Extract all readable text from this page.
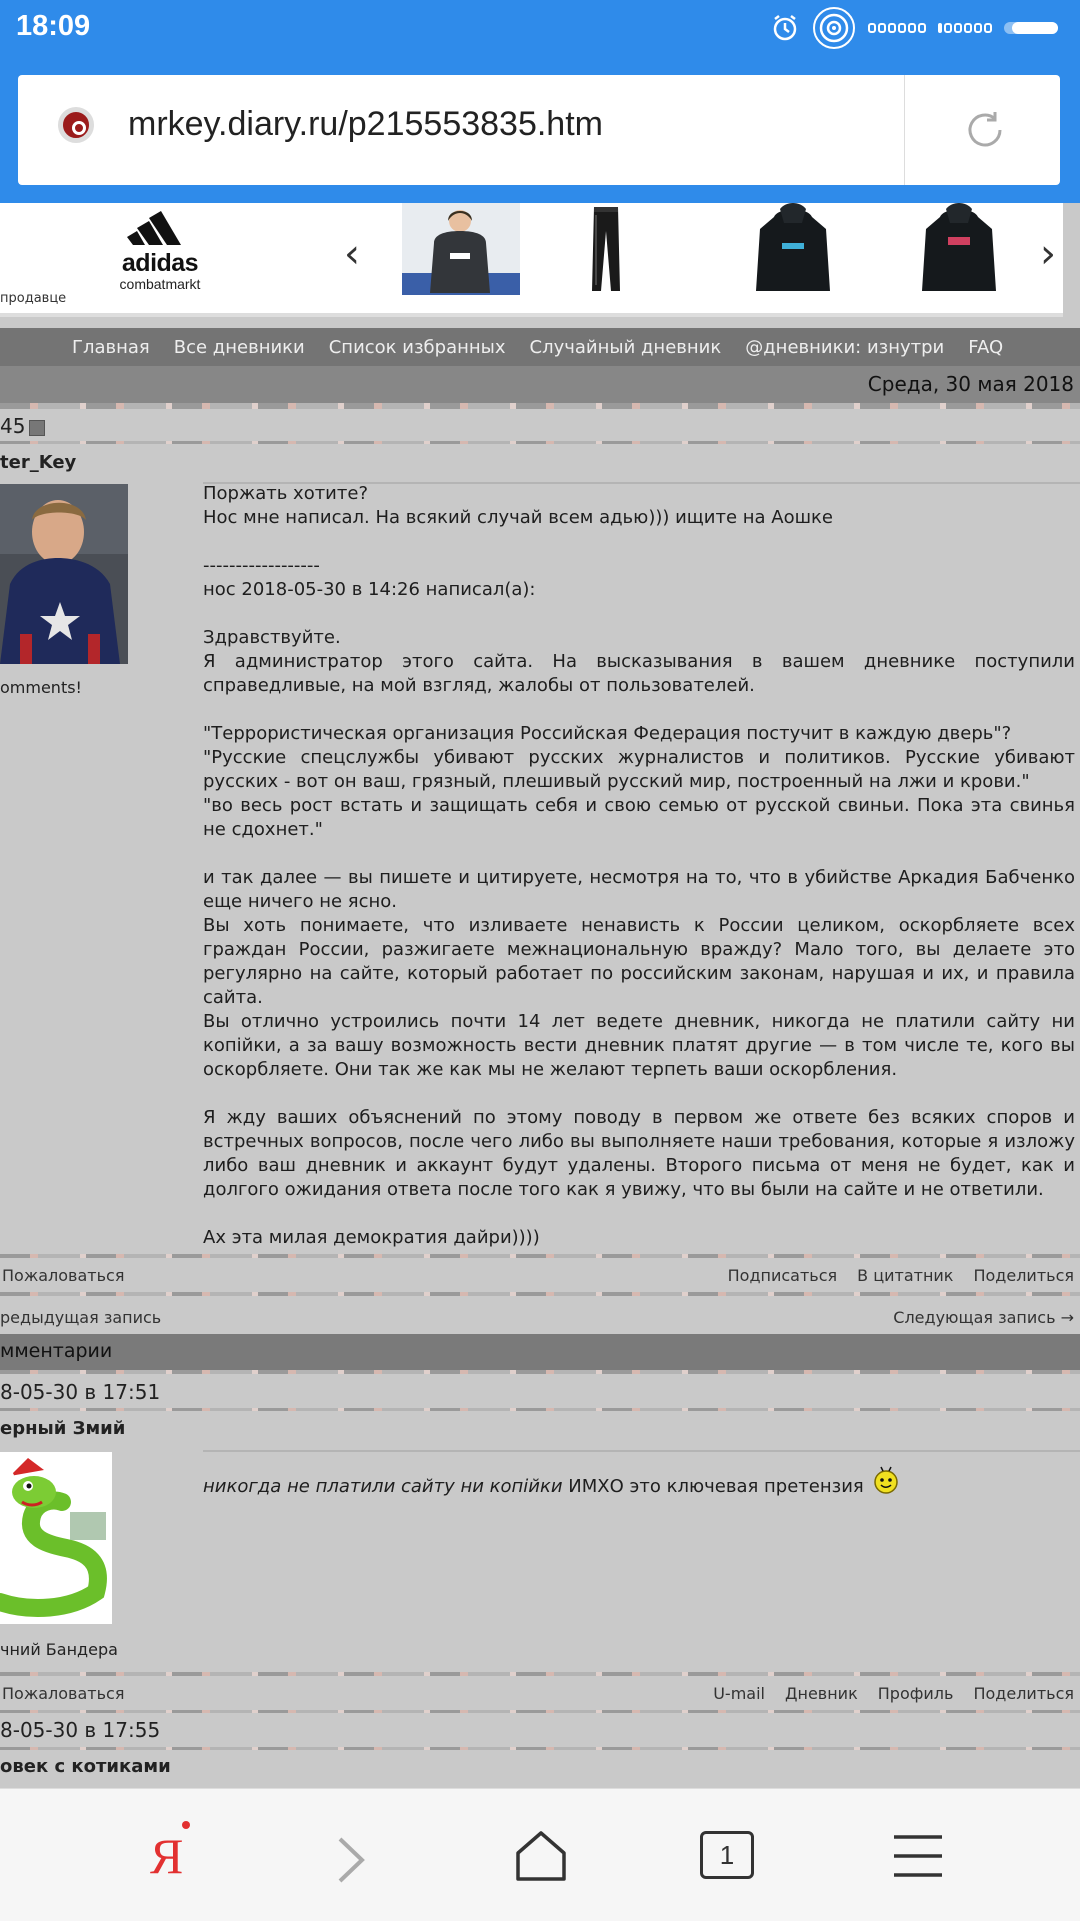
18:09
mrkey.diary.ru/p215553835.htm
adidas
combatmarkt
продавце
‹	›
Главная Все дневники Список избранных Случайный дневник @дневники: изнутри FAQ
Среда, 30 мая 2018
45
ter_Key
omments!

Поржать хотите?

Нос мне написал. На всякий случай всем адью))) ищите на Аошке

------------------

нос 2018-05-30 в 14:26 написал(а):

Здравствуйте.

Я администратор этого сайта. На высказывания в вашем дневнике поступили справедливые, на мой взгляд, жалобы от пользователей.

"Террористическая организация Российская Федерация постучит в каждую дверь"?

"Русские спецслужбы убивают русских журналистов и политиков. Русские убивают русских - вот он ваш, грязный, плешивый русский мир, построенный на лжи и крови."

"во весь рост встать и защищать себя и свою семью от русской свиньи. Пока эта свинья не сдохнет."

и так далее — вы пишете и цитируете, несмотря на то, что в убийстве Аркадия Бабченко еще ничего не ясно.

Вы хоть понимаете, что изливаете ненависть к России целиком, оскорбляете всех граждан России, разжигаете межнациональную вражду? Мало того, вы делаете это регулярно на сайте, который работает по российским законам, нарушая и их, и правила сайта.

Вы отлично устроились почти 14 лет ведете дневник, никогда не платили сайту ни копійки, а за вашу возможность вести дневник платят другие — в том числе те, кого вы оскорбляете. Они так же как мы не желают терпеть ваши оскорбления.

Я жду ваших объяснений по этому поводу в первом же ответе без всяких споров и встречных вопросов, после чего либо вы выполняете наши требования, которые я изложу либо ваш дневник и аккаунт будут удалены. Второго письма от меня не будет, как и долгого ожидания ответа после того как я увижу, что вы были на сайте и не ответили.

Ах эта милая демократия дайри))))

Пожаловаться	Подписаться В цитатник Поделиться
редыдущая запись	Следующая запись →
мментарии
8-05-30 в 17:51
ерный Змий
чний Бандера
никогда не платили сайту ни копійки ИМХО это ключевая претензия
Пожаловаться	U-mail Дневник Профиль Поделиться
8-05-30 в 17:55
овек с котиками
Я	1
